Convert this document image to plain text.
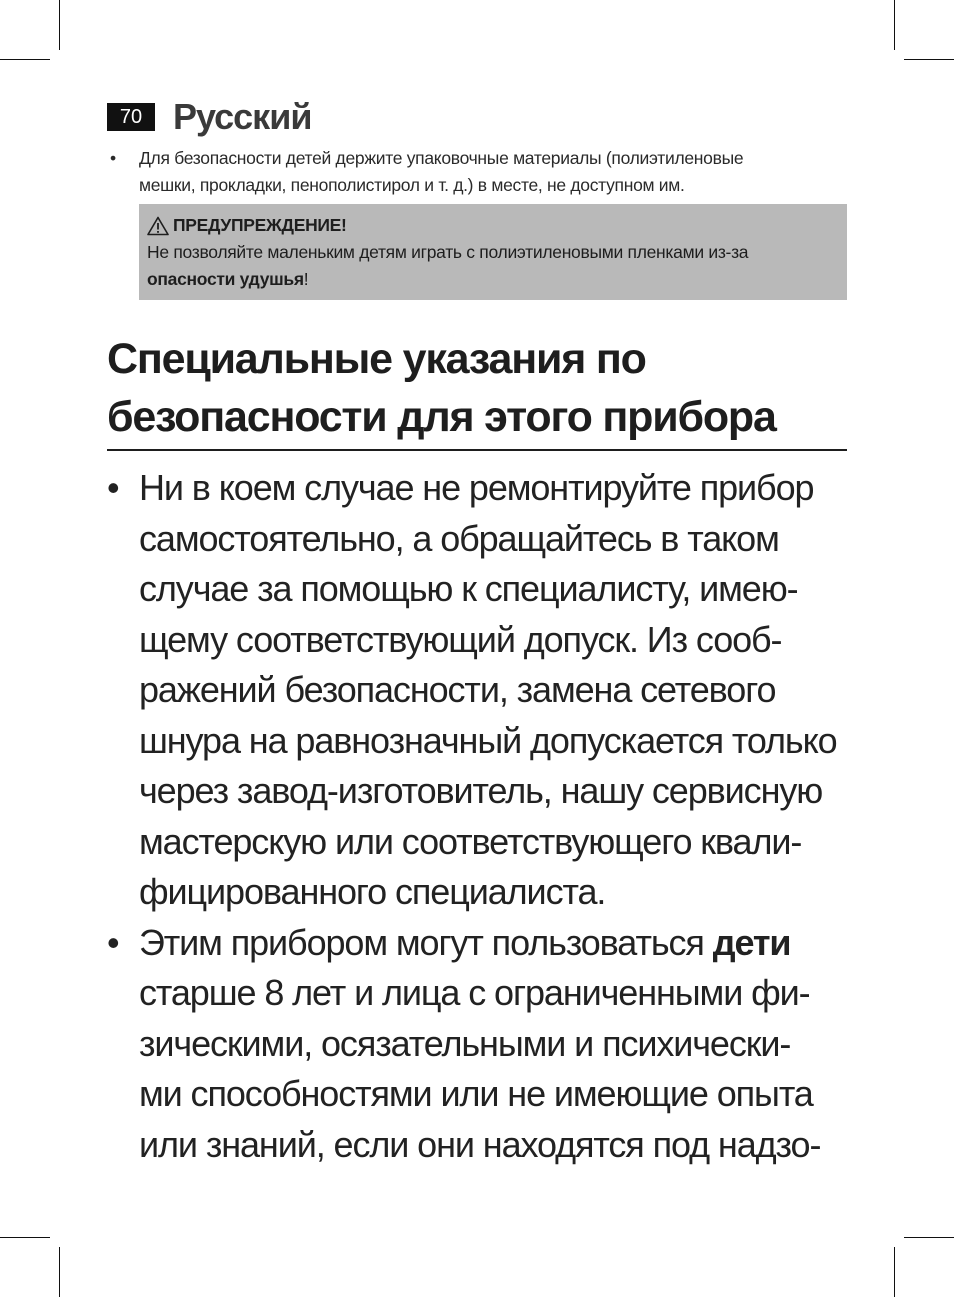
70 Русский
• Для безопасности детей держите упаковочные материалы (полиэтиленовые
мешки, прокладки, пенополистирол и т. д.) в месте, не доступном им.
ПРЕДУПРЕЖДЕНИЕ!
Не позволяйте маленьким детям играть с полиэтиленовыми пленками из-за
опасности удушья!
Специальные указания по
безопасности для этого прибора
• Ни в коем случае не ремонтируйте прибор
самостоятельно, а обращайтесь в таком
случае за помощью к специалисту, имею-
щему соответствующий допуск. Из сооб-
ражений безопасности, замена сетевого
шнура на равнозначный допускается только
через завод-изготовитель, нашу сервисную
мастерскую или соответствующего квали-
фицированного специалиста.
• Этим прибором могут пользоваться дети
старше 8 лет и лица с ограниченными фи-
зическими, осязательными и психически-
ми способностями или не имеющие опыта
или знаний, если они находятся под надзо-
